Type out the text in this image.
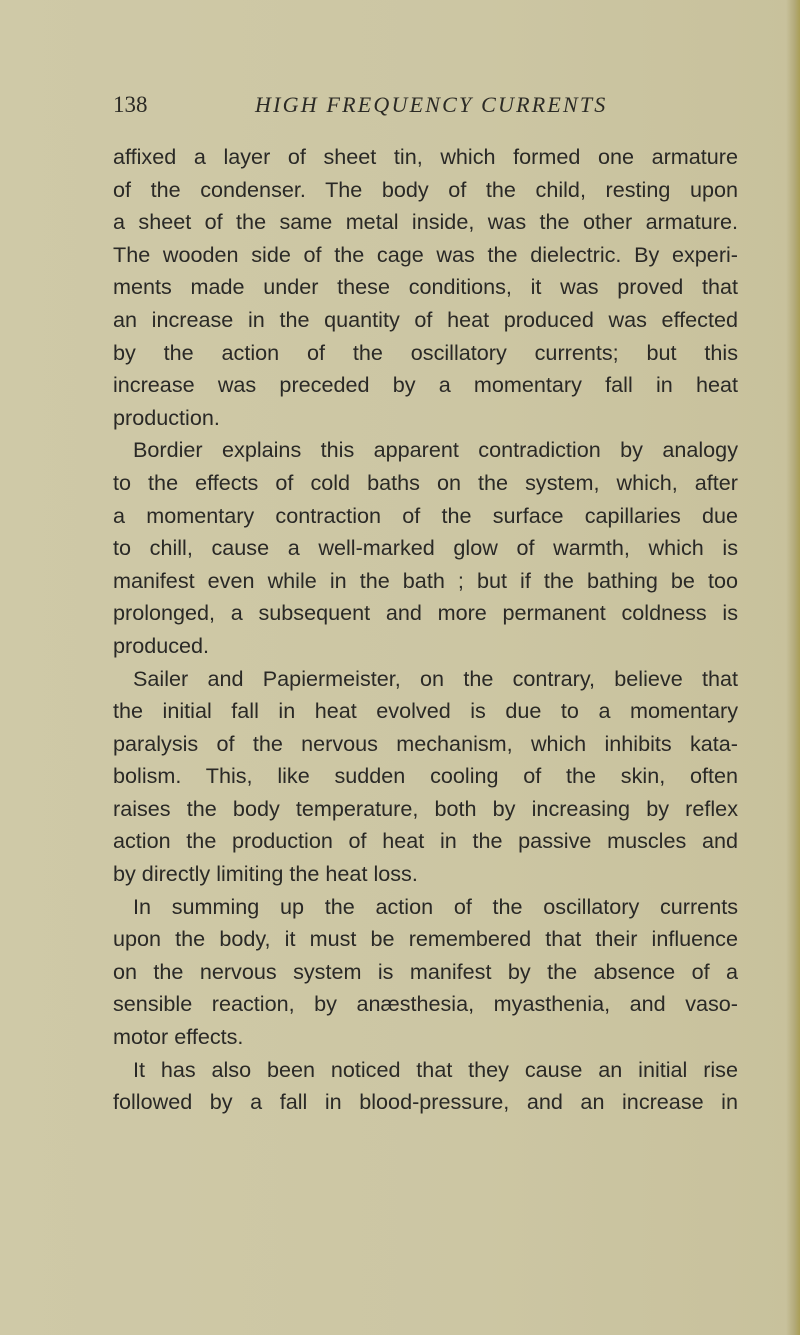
138	HIGH FREQUENCY CURRENTS
affixed a layer of sheet tin, which formed one armature
of the condenser. The body of the child, resting upon
a sheet of the same metal inside, was the other armature.
The wooden side of the cage was the dielectric. By experi-
ments made under these conditions, it was proved that
an increase in the quantity of heat produced was effected
by the action of the oscillatory currents; but this
increase was preceded by a momentary fall in heat
production.
Bordier explains this apparent contradiction by analogy
to the effects of cold baths on the system, which, after
a momentary contraction of the surface capillaries due
to chill, cause a well-marked glow of warmth, which is
manifest even while in the bath ; but if the bathing be too
prolonged, a subsequent and more permanent coldness is
produced.
Sailer and Papiermeister, on the contrary, believe that
the initial fall in heat evolved is due to a momentary
paralysis of the nervous mechanism, which inhibits kata-
bolism. This, like sudden cooling of the skin, often
raises the body temperature, both by increasing by reflex
action the production of heat in the passive muscles and
by directly limiting the heat loss.
In summing up the action of the oscillatory currents
upon the body, it must be remembered that their influence
on the nervous system is manifest by the absence of a
sensible reaction, by anæsthesia, myasthenia, and vaso-
motor effects.
It has also been noticed that they cause an initial rise
followed by a fall in blood-pressure, and an increase in
